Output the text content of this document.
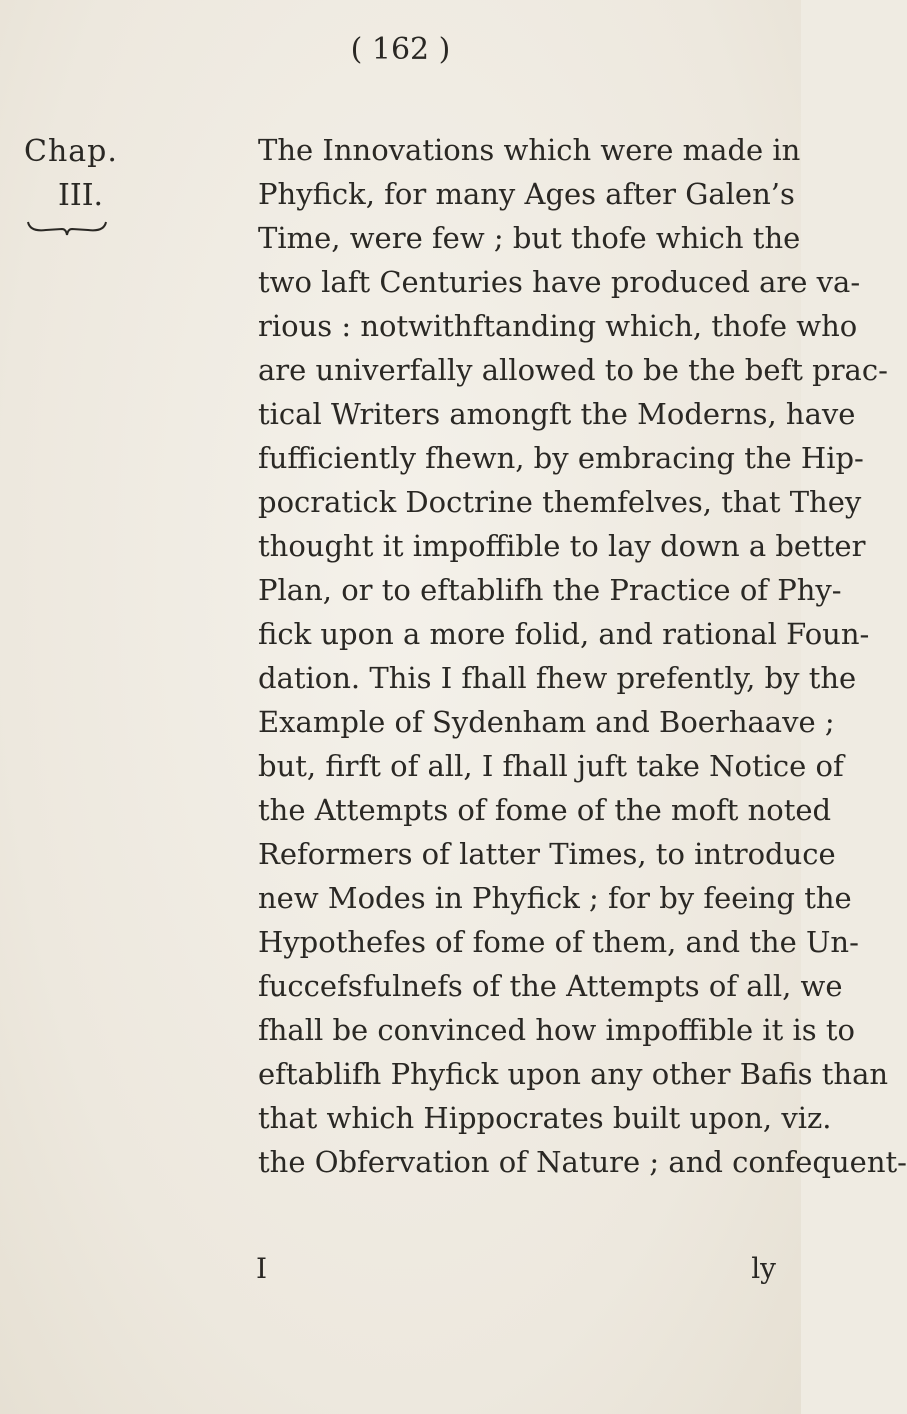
( 162 )
Chap.
III.
The Innovations which were made in
Phyfick, for many Ages after Galen’s
Time, were few ; but thofe which the
two laft Centuries have produced are va-
rious : notwithftanding which, thofe who
are univerfally allowed to be the beft prac-
tical Writers amongft the Moderns, have
fufficiently fhewn, by embracing the Hip-
pocratick Doctrine themfelves, that They
thought it impoffible to lay down a better
Plan, or to eftablifh the Practice of Phy-
fick upon a more folid, and rational Foun-
dation. This I fhall fhew prefently, by the
Example of Sydenham and Boerhaave ;
but, firft of all, I fhall juft take Notice of
the Attempts of fome of the moft noted
Reformers of latter Times, to introduce
new Modes in Phyfick ; for by feeing the
Hypothefes of fome of them, and the Un-
fuccefsfulnefs of the Attempts of all, we
fhall be convinced how impoffible it is to
eftablifh Phyfick upon any other Bafis than
that which Hippocrates built upon, viz.
the Obfervation of Nature ; and confequent-
I	ly
